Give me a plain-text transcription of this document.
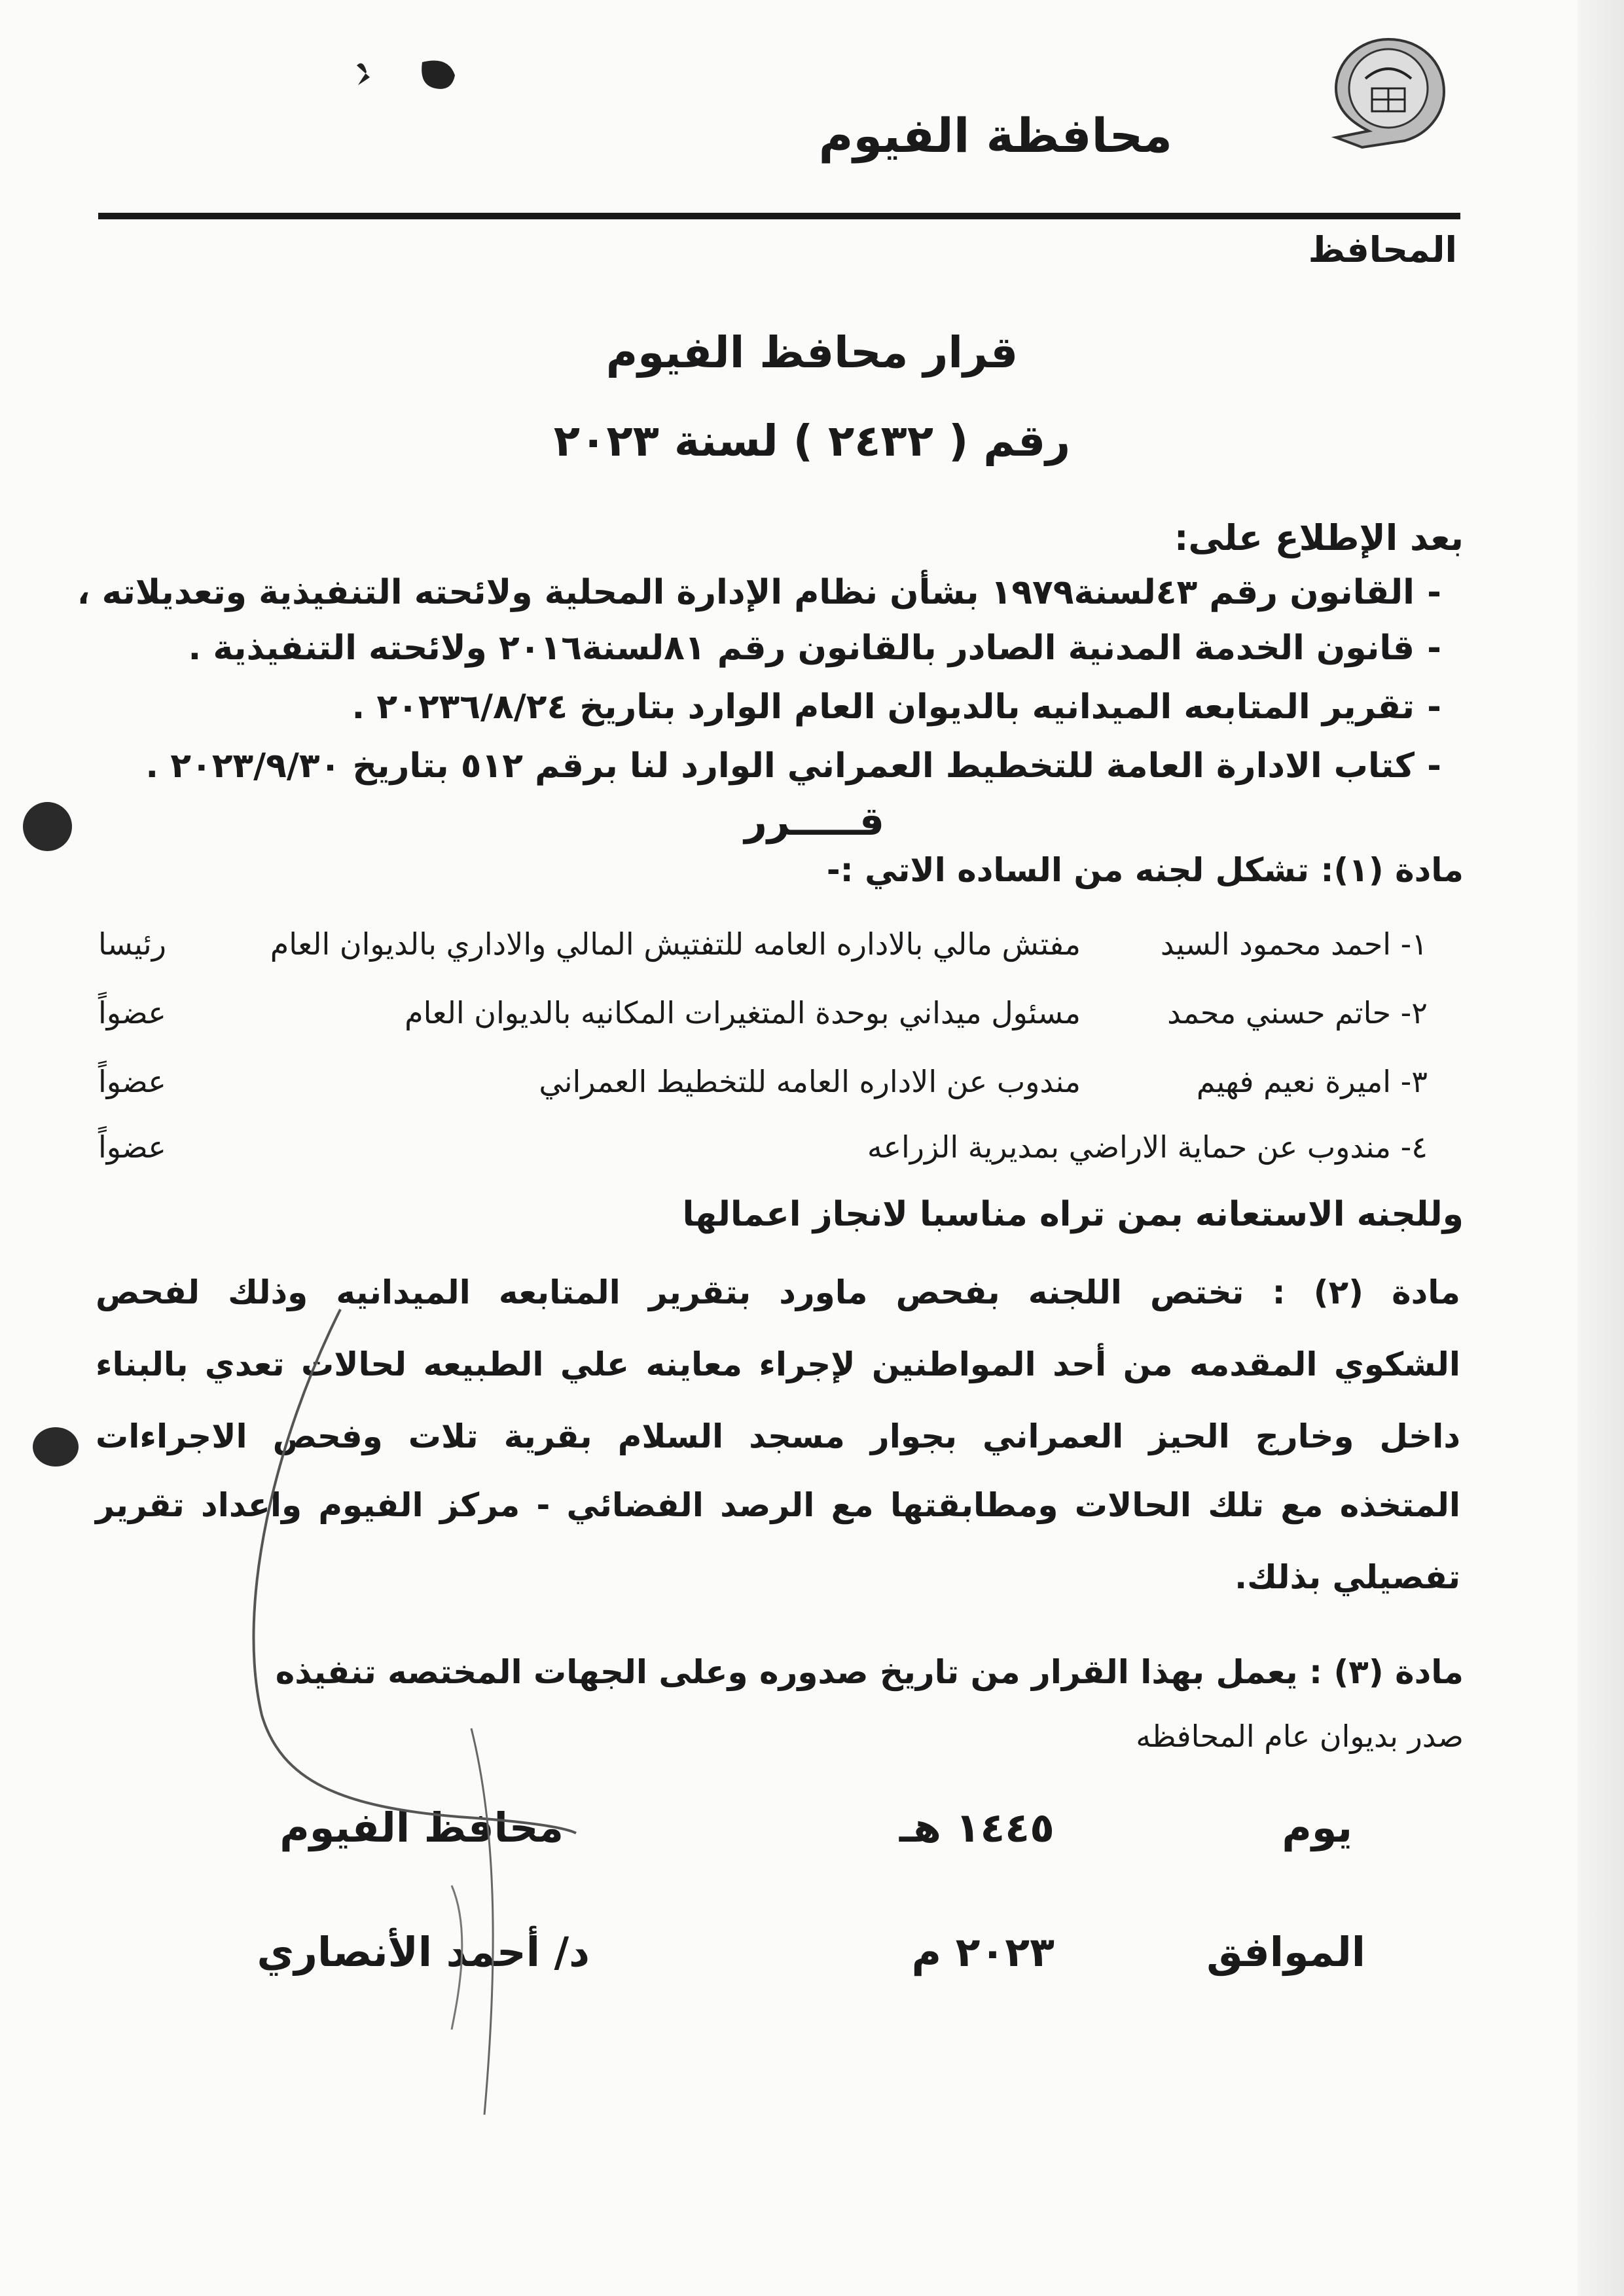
محافظة الفيوم
المحافظ
قرار محافظ الفيوم
رقم ( ٢٤٣٢ ) لسنة ٢٠٢٣
بعد الإطلاع على:
- القانون رقم ٤٣لسنة١٩٧٩ بشأن نظام الإدارة المحلية ولائحته التنفيذية وتعديلاته ،
- قانون الخدمة المدنية الصادر بالقانون رقم ٨١لسنة٢٠١٦ ولائحته التنفيذية .
- تقرير المتابعه الميدانيه بالديوان العام الوارد بتاريخ ٢٠٢٣٦/٨/٢٤ .
- كتاب الادارة العامة للتخطيط العمراني الوارد لنا برقم ٥١٢ بتاريخ ٢٠٢٣/٩/٣٠ .
قـــــرر
مادة (١): تشكل لجنه من الساده الاتي :-
١- احمد محمود السيد
مفتش مالي بالاداره العامه للتفتيش المالي والاداري بالديوان العام
رئيسا
٢- حاتم حسني محمد
مسئول ميداني بوحدة المتغيرات المكانيه بالديوان العام
عضواً
٣- اميرة نعيم فهيم
مندوب عن الاداره العامه للتخطيط العمراني
عضواً
٤- مندوب عن حماية الاراضي بمديرية الزراعه
عضواً
وللجنه الاستعانه بمن تراه مناسبا لانجاز اعمالها
مادة (٢) : تختص اللجنه بفحص ماورد بتقرير المتابعه الميدانيه وذلك لفحص
الشكوي المقدمه من أحد المواطنين لإجراء معاينه علي الطبيعه لحالات تعدي بالبناء
داخل وخارج الحيز العمراني بجوار مسجد السلام بقرية تلات وفحص الاجراءات
المتخذه مع تلك الحالات ومطابقتها مع الرصد الفضائي - مركز الفيوم واعداد تقرير
تفصيلي بذلك.
مادة (٣) : يعمل بهذا القرار من تاريخ صدوره وعلى الجهات المختصه تنفيذه
صدر بديوان عام المحافظه
يوم
١٤٤٥ هـ
محافظ الفيوم
الموافق
٢٠٢٣ م
د/ أحمد الأنصاري
